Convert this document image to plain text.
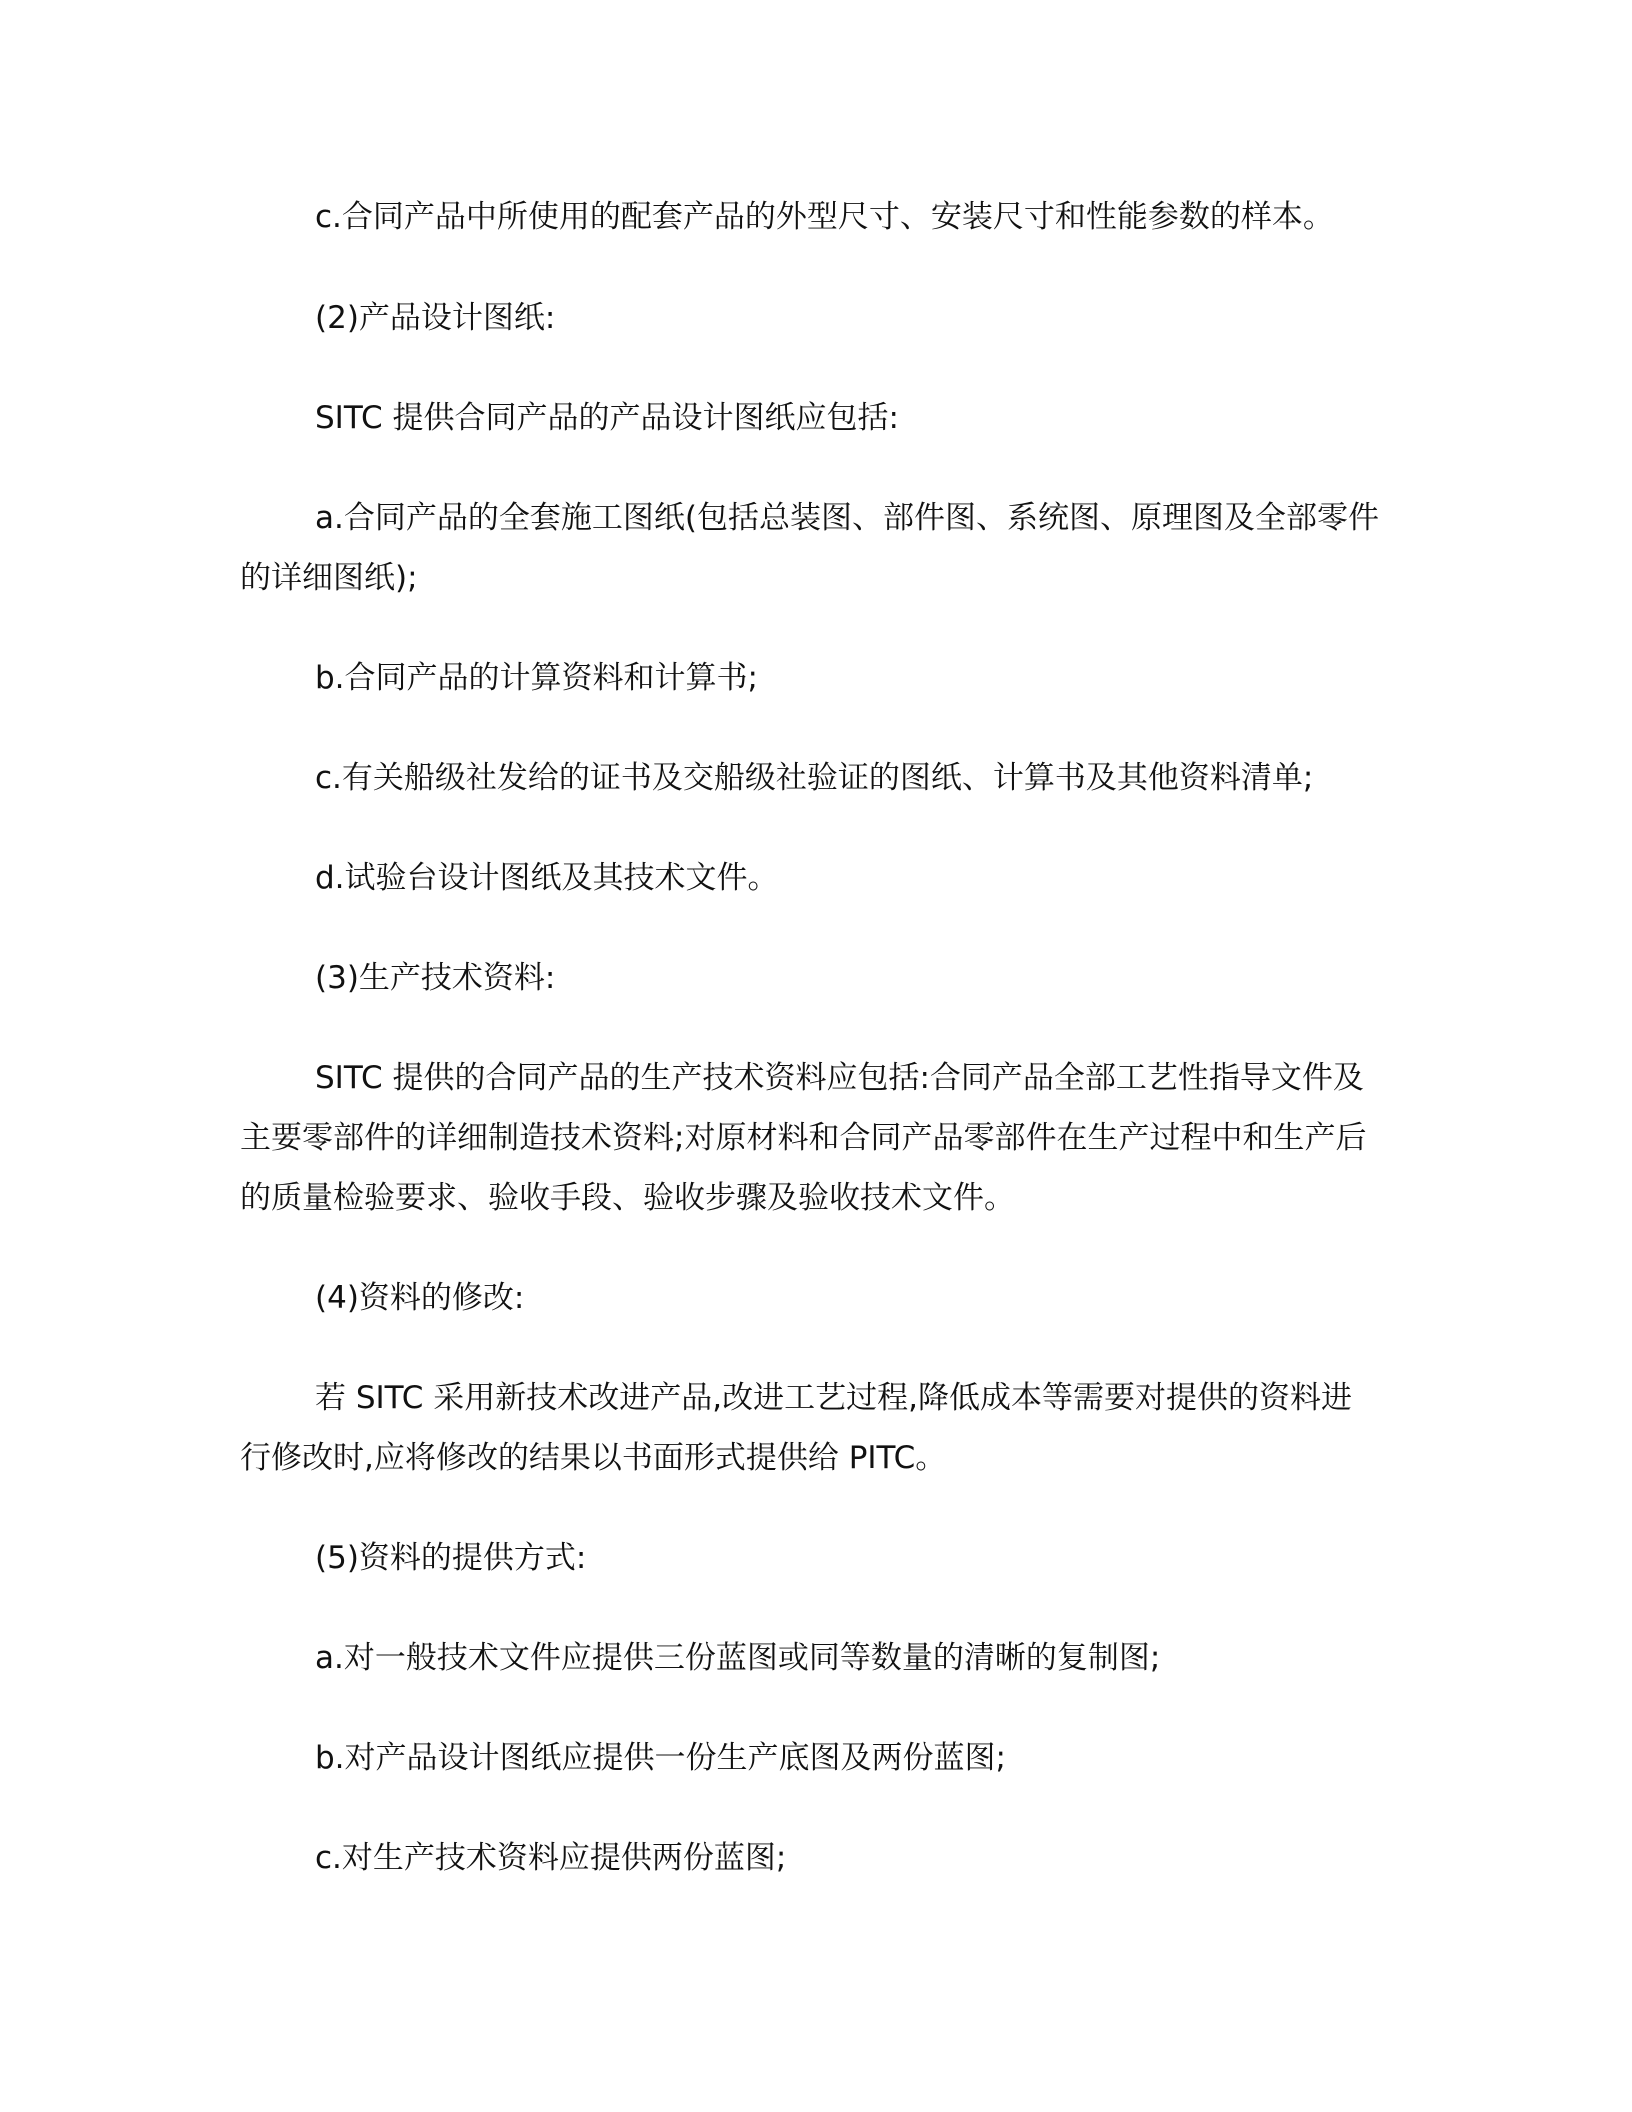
c.合同产品中所使用的配套产品的外型尺寸、安装尺寸和性能参数的样本。

(2)产品设计图纸:

SITC 提供合同产品的产品设计图纸应包括:

a.合同产品的全套施工图纸(包括总装图、部件图、系统图、原理图及全部零件的详细图纸);

b.合同产品的计算资料和计算书;

c.有关船级社发给的证书及交船级社验证的图纸、计算书及其他资料清单;

d.试验台设计图纸及其技术文件。

(3)生产技术资料:

SITC 提供的合同产品的生产技术资料应包括:合同产品全部工艺性指导文件及主要零部件的详细制造技术资料;对原材料和合同产品零部件在生产过程中和生产后的质量检验要求、验收手段、验收步骤及验收技术文件。

(4)资料的修改:

若 SITC 采用新技术改进产品,改进工艺过程,降低成本等需要对提供的资料进行修改时,应将修改的结果以书面形式提供给 PITC。

(5)资料的提供方式:

a.对一般技术文件应提供三份蓝图或同等数量的清晰的复制图;

b.对产品设计图纸应提供一份生产底图及两份蓝图;

c.对生产技术资料应提供两份蓝图;
